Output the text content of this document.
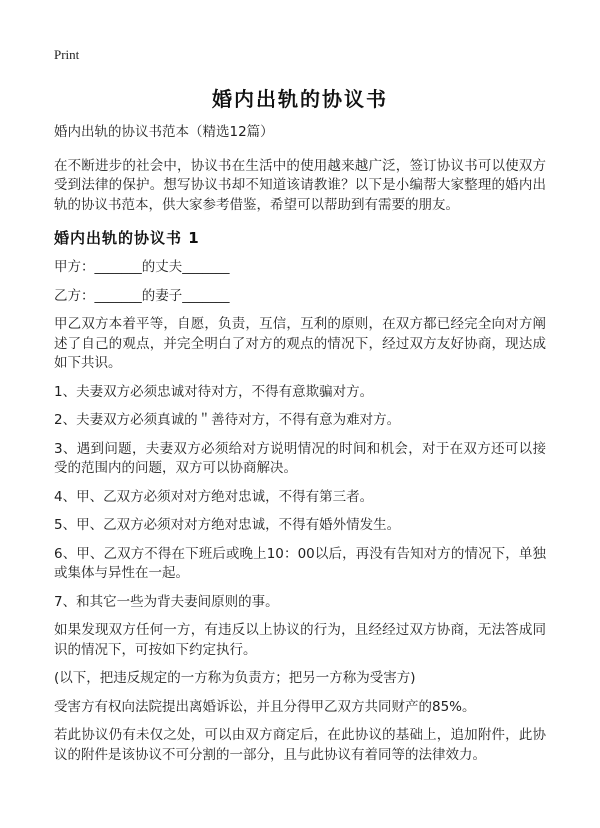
Print
婚内出轨的协议书

婚内出轨的协议书范本（精选12篇）

在不断进步的社会中，协议书在生活中的使用越来越广泛，签订协议书可以使双方受到法律的保护。想写协议书却不知道该请教谁？以下是小编帮大家整理的婚内出轨的协议书范本，供大家参考借鉴，希望可以帮助到有需要的朋友。

婚内出轨的协议书 1

甲方：_______的丈夫_______

乙方：_______的妻子_______

甲乙双方本着平等，自愿，负责，互信，互利的原则，在双方都已经完全向对方阐述了自己的观点，并完全明白了对方的观点的情况下，经过双方友好协商，现达成如下共识。

1、夫妻双方必须忠诚对待对方，不得有意欺骗对方。

2、夫妻双方必须真诚的＂善待对方，不得有意为难对方。

3、遇到问题，夫妻双方必须给对方说明情况的时间和机会，对于在双方还可以接受的范围内的问题，双方可以协商解决。

4、甲、乙双方必须对对方绝对忠诚，不得有第三者。

5、甲、乙双方必须对对方绝对忠诚，不得有婚外情发生。

6、甲、乙双方不得在下班后或晚上10：00以后，再没有告知对方的情况下，单独或集体与异性在一起。

7、和其它一些为背夫妻间原则的事。

如果发现双方任何一方，有违反以上协议的行为，且经经过双方协商，无法答成同识的情况下，可按如下约定执行。

(以下，把违反规定的一方称为负责方；把另一方称为受害方)

受害方有权向法院提出离婚诉讼，并且分得甲乙双方共同财产的85%。

若此协议仍有未仅之处，可以由双方商定后，在此协议的基础上，追加附件，此协议的附件是该协议不可分割的一部分，且与此协议有着同等的法律效力。
